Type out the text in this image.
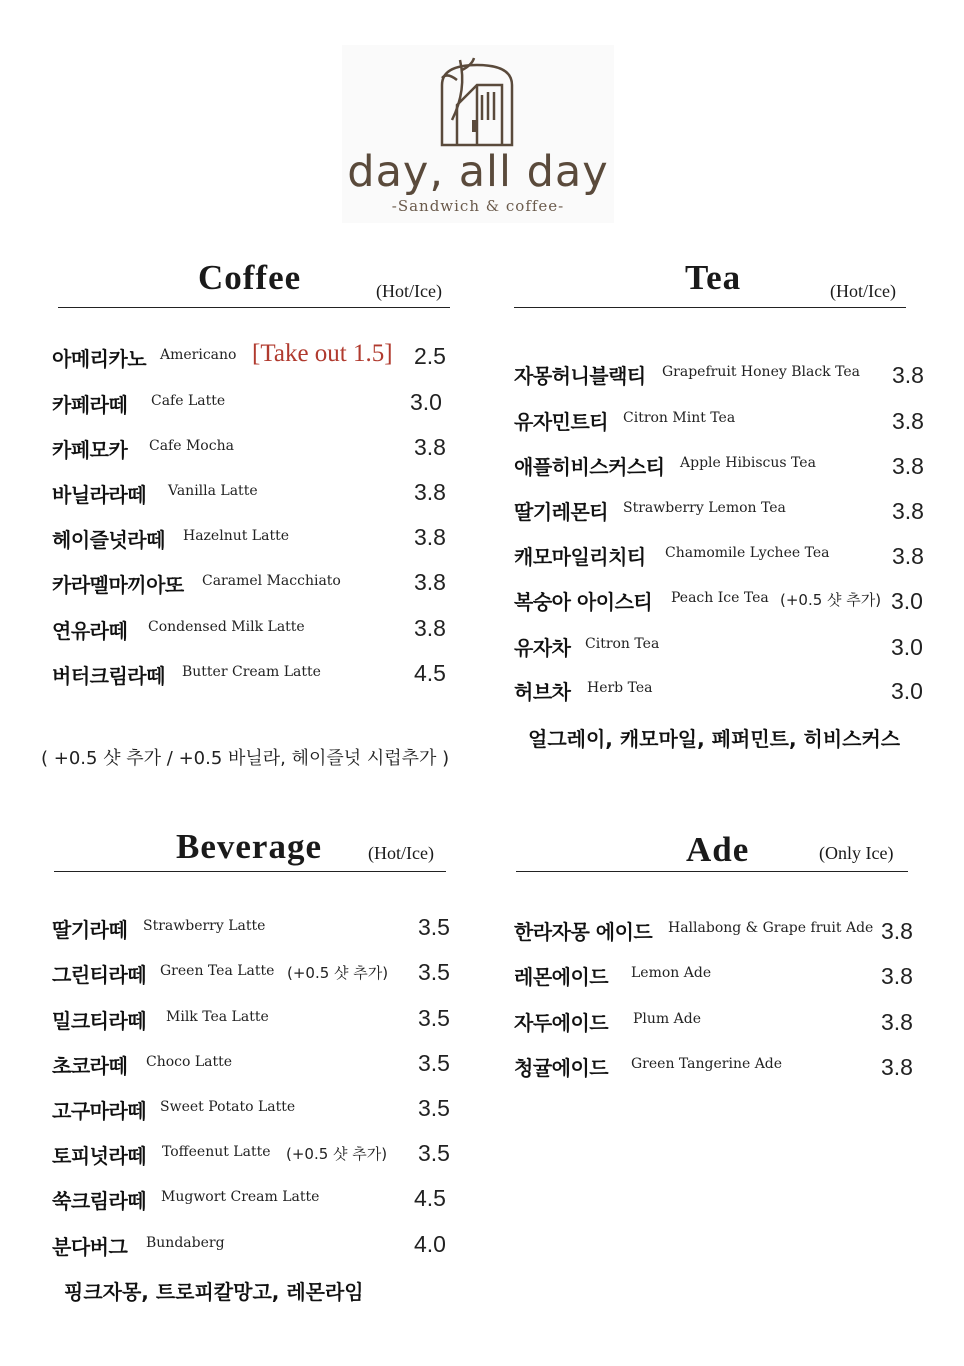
day, all day
-Sandwich & coffee-
Coffee	(Hot/Ice)
아메리카노 Americano [Take out 1.5] 2.5
카페라떼 Cafe Latte	3.0
카페모카 Cafe Mocha	3.8
바닐라라떼 Vanilla Latte	3.8
헤이즐넛라떼 Hazelnut Latte	3.8
카라멜마끼아또 Caramel Macchiato	3.8
연유라떼 Condensed Milk Latte	3.8
버터크림라떼 Butter Cream Latte	4.5
( +0.5 샷 추가 / +0.5 바닐라, 헤이즐넛 시럽추가 )
Tea	(Hot/Ice)
자몽허니블랙티 Grapefruit Honey Black Tea 3.8
유자민트티 Citron Mint Tea	3.8
애플히비스커스티 Apple Hibiscus Tea	3.8
딸기레몬티 Strawberry Lemon Tea	3.8
캐모마일리치티 Chamomile Lychee Tea	3.8
복숭아 아이스티 Peach Ice Tea (+0.5 샷 추가) 3.0
유자차 Citron Tea	3.0
허브차 Herb Tea	3.0
얼그레이, 캐모마일, 페퍼민트, 히비스커스
Beverage	(Hot/Ice)
딸기라떼 Strawberry Latte	3.5
그린티라떼 Green Tea Latte (+0.5 샷 추가) 3.5
밀크티라떼 Milk Tea Latte	3.5
초코라떼 Choco Latte	3.5
고구마라떼 Sweet Potato Latte	3.5
토피넛라떼 Toffeenut Latte (+0.5 샷 추가) 3.5
쑥크림라떼 Mugwort Cream Latte	4.5
분다버그 Bundaberg	4.0
핑크자몽, 트로피칼망고, 레몬라임
Ade	(Only Ice)
한라자몽 에이드 Hallabong & Grape fruit Ade 3.8
레몬에이드 Lemon Ade	3.8
자두에이드 Plum Ade	3.8
청귤에이드 Green Tangerine Ade	3.8
